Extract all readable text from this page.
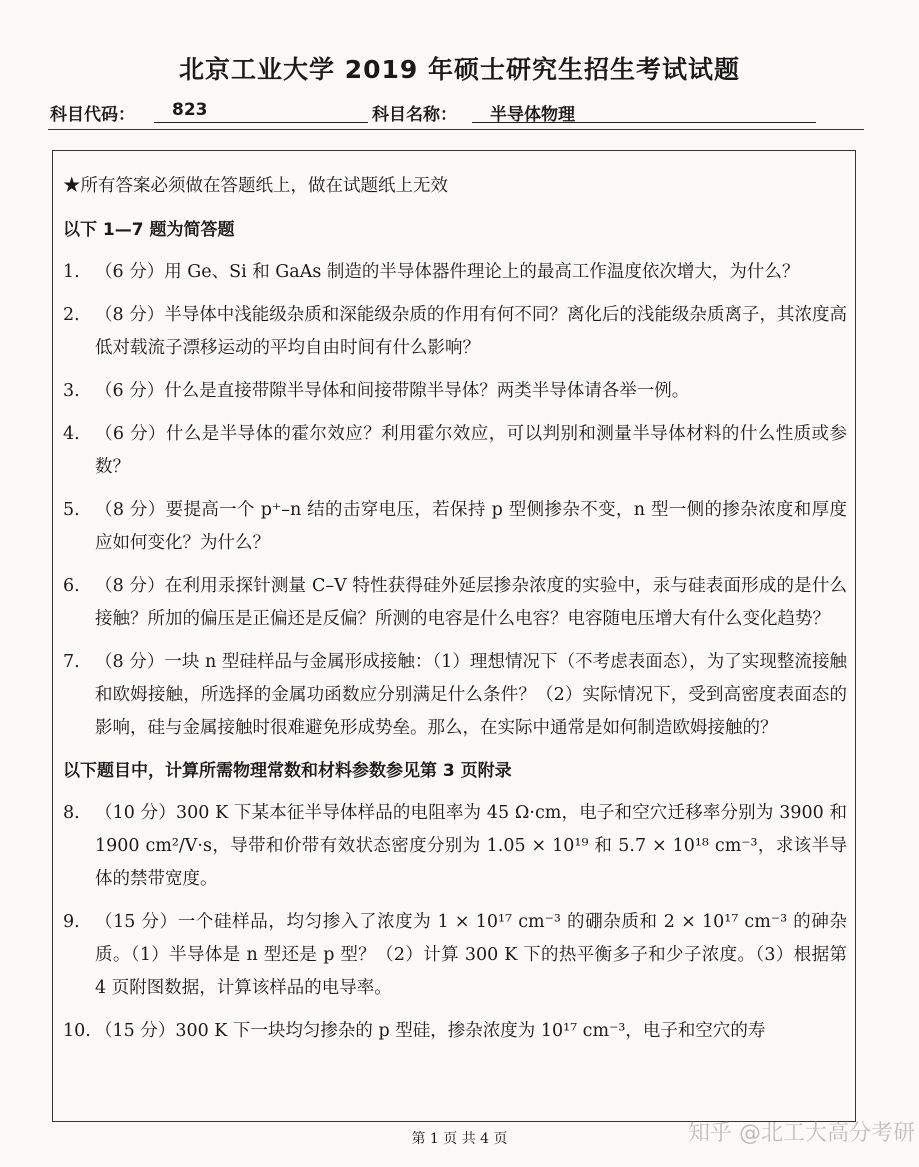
北京工业大学 2019 年硕士研究生招生考试试题
科目代码：	823	科目名称：	半导体物理
★所有答案必须做在答题纸上，做在试题纸上无效
以下 1—7 题为简答题
1. （6 分）用 Ge、Si 和 GaAs 制造的半导体器件理论上的最高工作温度依次增大，为什么？
2. （8 分）半导体中浅能级杂质和深能级杂质的作用有何不同？离化后的浅能级杂质离子，其浓度高低对载流子漂移运动的平均自由时间有什么影响？
3. （6 分）什么是直接带隙半导体和间接带隙半导体？两类半导体请各举一例。
4. （6 分）什么是半导体的霍尔效应？利用霍尔效应，可以判别和测量半导体材料的什么性质或参数？
5. （8 分）要提高一个 p⁺–n 结的击穿电压，若保持 p 型侧掺杂不变，n 型一侧的掺杂浓度和厚度应如何变化？为什么？
6. （8 分）在利用汞探针测量 C–V 特性获得硅外延层掺杂浓度的实验中，汞与硅表面形成的是什么接触？所加的偏压是正偏还是反偏？所测的电容是什么电容？电容随电压增大有什么变化趋势？
7. （8 分）一块 n 型硅样品与金属形成接触：（1）理想情况下（不考虑表面态），为了实现整流接触和欧姆接触，所选择的金属功函数应分别满足什么条件？（2）实际情况下，受到高密度表面态的影响，硅与金属接触时很难避免形成势垒。那么，在实际中通常是如何制造欧姆接触的？
以下题目中，计算所需物理常数和材料参数参见第 3 页附录
8. （10 分）300 K 下某本征半导体样品的电阻率为 45 Ω·cm，电子和空穴迁移率分别为 3900 和 1900 cm²/V·s，导带和价带有效状态密度分别为 1.05 × 10¹⁹ 和 5.7 × 10¹⁸ cm⁻³，求该半导体的禁带宽度。
9. （15 分）一个硅样品，均匀掺入了浓度为 1 × 10¹⁷ cm⁻³ 的硼杂质和 2 × 10¹⁷ cm⁻³ 的砷杂质。（1）半导体是 n 型还是 p 型？（2）计算 300 K 下的热平衡多子和少子浓度。（3）根据第 4 页附图数据，计算该样品的电导率。
10. （15 分）300 K 下一块均匀掺杂的 p 型硅，掺杂浓度为 10¹⁷ cm⁻³，电子和空穴的寿
第 1 页 共 4 页	知乎 @北工大高分考研
